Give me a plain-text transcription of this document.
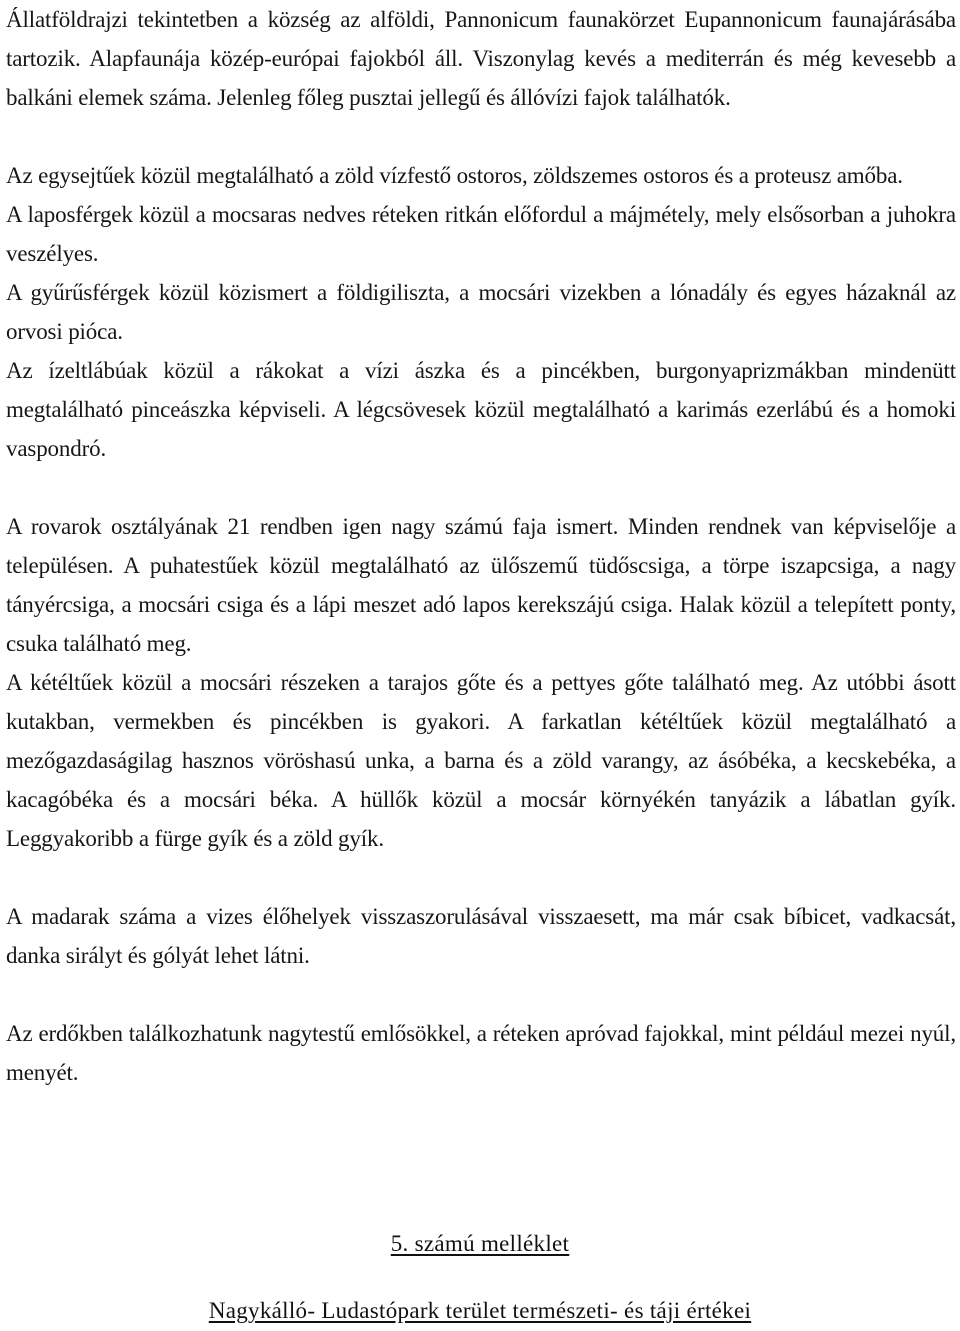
Állatföldrajzi tekintetben a község az alföldi, Pannonicum faunakörzet Eupannonicum faunajárásába tartozik. Alapfaunája közép-európai fajokból áll. Viszonylag kevés a mediterrán és még kevesebb a balkáni elemek száma. Jelenleg főleg pusztai jellegű és állóvízi fajok találhatók.

Az egysejtűek közül megtalálható a zöld vízfestő ostoros, zöldszemes ostoros és a proteusz amőba.

A laposférgek közül a mocsaras nedves réteken ritkán előfordul a májmétely, mely elsősorban a juhokra veszélyes.

A gyűrűsférgek közül közismert a földigiliszta, a mocsári vizekben a lónadály és egyes házaknál az orvosi pióca.

Az ízeltlábúak közül a rákokat a vízi ászka és a pincékben, burgonyaprizmákban mindenütt megtalálható pinceászka képviseli. A légcsövesek közül megtalálható a karimás ezerlábú és a homoki vaspondró.

A rovarok osztályának 21 rendben igen nagy számú faja ismert. Minden rendnek van képviselője a településen. A puhatestűek közül megtalálható az ülőszemű tüdőscsiga, a törpe iszapcsiga, a nagy tányércsiga, a mocsári csiga és a lápi meszet adó lapos kerekszájú csiga. Halak közül a telepített ponty, csuka található meg.

A kétéltűek közül a mocsári részeken a tarajos gőte és a pettyes gőte található meg. Az utóbbi ásott kutakban, vermekben és pincékben is gyakori. A farkatlan kétéltűek közül megtalálható a mezőgazdaságilag hasznos vöröshasú unka, a barna és a zöld varangy, az ásóbéka, a kecskebéka, a kacagóbéka és a mocsári béka. A hüllők közül a mocsár környékén tanyázik a lábatlan gyík. Leggyakoribb a fürge gyík és a zöld gyík.

A madarak száma a vizes élőhelyek visszaszorulásával visszaesett, ma már csak bíbicet, vadkacsát, danka sirályt és gólyát lehet látni.

Az erdőkben találkozhatunk nagytestű emlősökkel, a réteken apróvad fajokkal, mint például mezei nyúl, menyét.

5. számú melléklet
Nagykálló- Ludastópark terület természeti- és táji értékei
